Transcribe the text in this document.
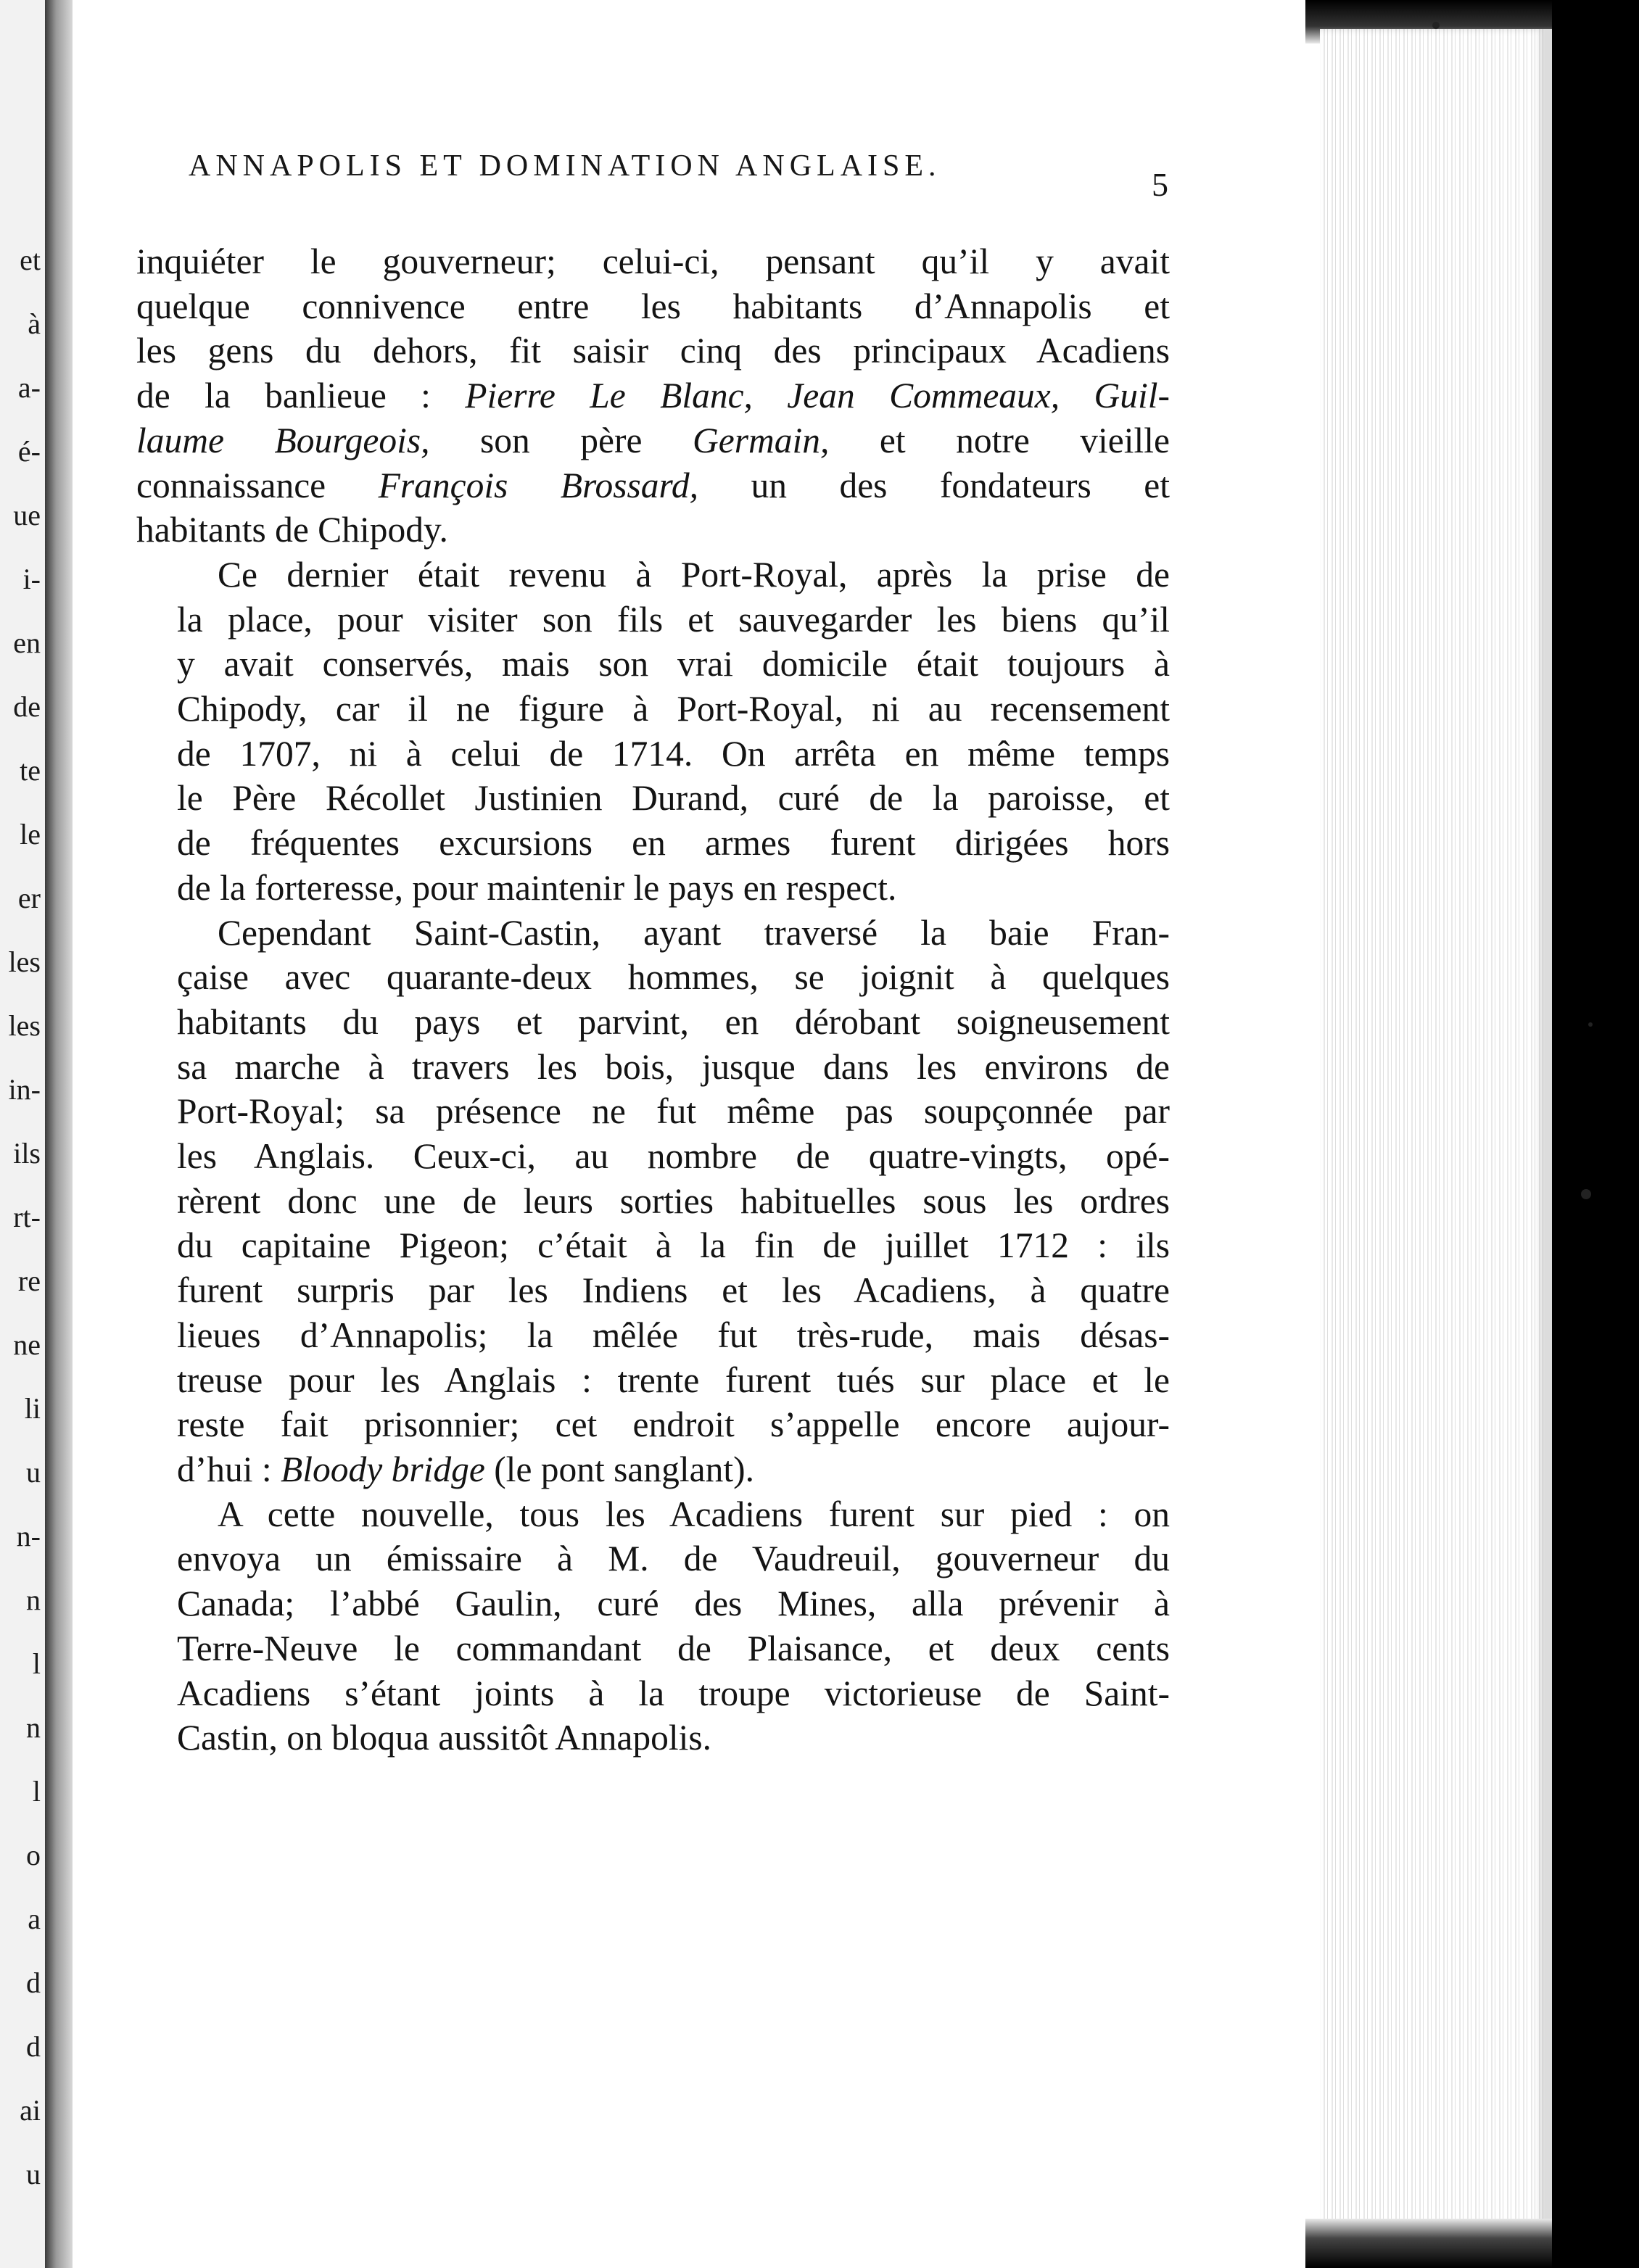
et
à
a-
é-
ue
i-
en
de
te
le
er
les
les
in-
ils
rt-
re
ne
li
u
n-
n
l
n
l
o
a
d
d
ai
u
ANNAPOLIS ET DOMINATION ANGLAISE.	5
inquiéter le gouverneur; celui-ci, pensant qu’il y avait
quelque connivence entre les habitants d’Annapolis et
les gens du dehors, fit saisir cinq des principaux Acadiens
de la banlieue : Pierre Le Blanc, Jean Commeaux, Guil-
laume Bourgeois, son père Germain, et notre vieille
connaissance François Brossard, un des fondateurs et
habitants de Chipody.
Ce dernier était revenu à Port-Royal, après la prise de
la place, pour visiter son fils et sauvegarder les biens qu’il
y avait conservés, mais son vrai domicile était toujours à
Chipody, car il ne figure à Port-Royal, ni au recensement
de 1707, ni à celui de 1714. On arrêta en même temps
le Père Récollet Justinien Durand, curé de la paroisse, et
de fréquentes excursions en armes furent dirigées hors
de la forteresse, pour maintenir le pays en respect.
Cependant Saint-Castin, ayant traversé la baie Fran-
çaise avec quarante-deux hommes, se joignit à quelques
habitants du pays et parvint, en dérobant soigneusement
sa marche à travers les bois, jusque dans les environs de
Port-Royal; sa présence ne fut même pas soupçonnée par
les Anglais. Ceux-ci, au nombre de quatre-vingts, opé-
rèrent donc une de leurs sorties habituelles sous les ordres
du capitaine Pigeon; c’était à la fin de juillet 1712 : ils
furent surpris par les Indiens et les Acadiens, à quatre
lieues d’Annapolis; la mêlée fut très-rude, mais désas-
treuse pour les Anglais : trente furent tués sur place et le
reste fait prisonnier; cet endroit s’appelle encore aujour-
d’hui : Bloody bridge (le pont sanglant).
A cette nouvelle, tous les Acadiens furent sur pied : on
envoya un émissaire à M. de Vaudreuil, gouverneur du
Canada; l’abbé Gaulin, curé des Mines, alla prévenir à
Terre-Neuve le commandant de Plaisance, et deux cents
Acadiens s’étant joints à la troupe victorieuse de Saint-
Castin, on bloqua aussitôt Annapolis.
